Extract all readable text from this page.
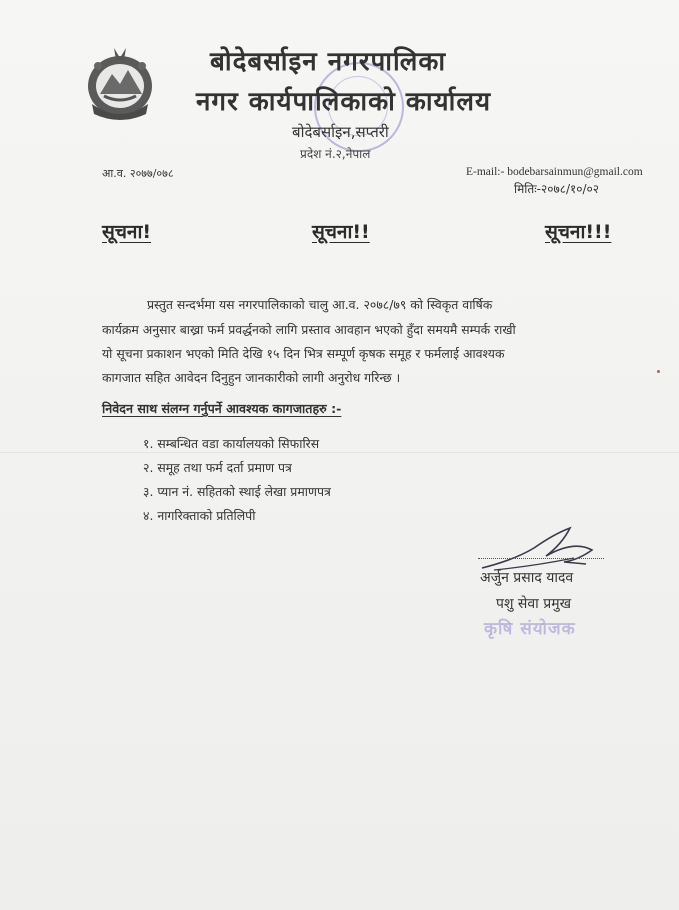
बोदेबर्साइन नगरपालिका
नगर कार्यपालिकाको कार्यालय
बोदेबर्साइन,सप्तरी
प्रदेश नं.२,नेपाल
आ.व. २०७७/०७८	E-mail:- bodebarsainmun@gmail.com
मितिः-२०७८/१०/०२
सूचना!	सूचना!!	सूचना!!!
प्रस्तुत सन्दर्भमा यस नगरपालिकाको चालु आ.व. २०७८/७९ को स्विकृत वार्षिक
कार्यक्रम अनुसार बाख्रा फर्म प्रवर्द्धनको लागि प्रस्ताव आवहान भएको हुँदा समयमै सम्पर्क राखी
यो सूचना प्रकाशन भएको मिति देखि १५ दिन भित्र सम्पूर्ण कृषक समूह र फर्मलाई आवश्यक
कागजात सहित आवेदन दिनुहुन जानकारीको लागी अनुरोध गरिन्छ ।
निवेदन साथ संलग्न गर्नुपर्ने आवश्यक कागजातहरु :-
१. सम्बन्धित वडा कार्यालयको सिफारिस
२. समूह तथा फर्म दर्ता प्रमाण पत्र
३. प्यान नं. सहितको स्थाई लेखा प्रमाणपत्र
४. नागरिक्ताको प्रतिलिपी
अर्जुन प्रसाद यादव
पशु सेवा प्रमुख
कृषि संयोजक
